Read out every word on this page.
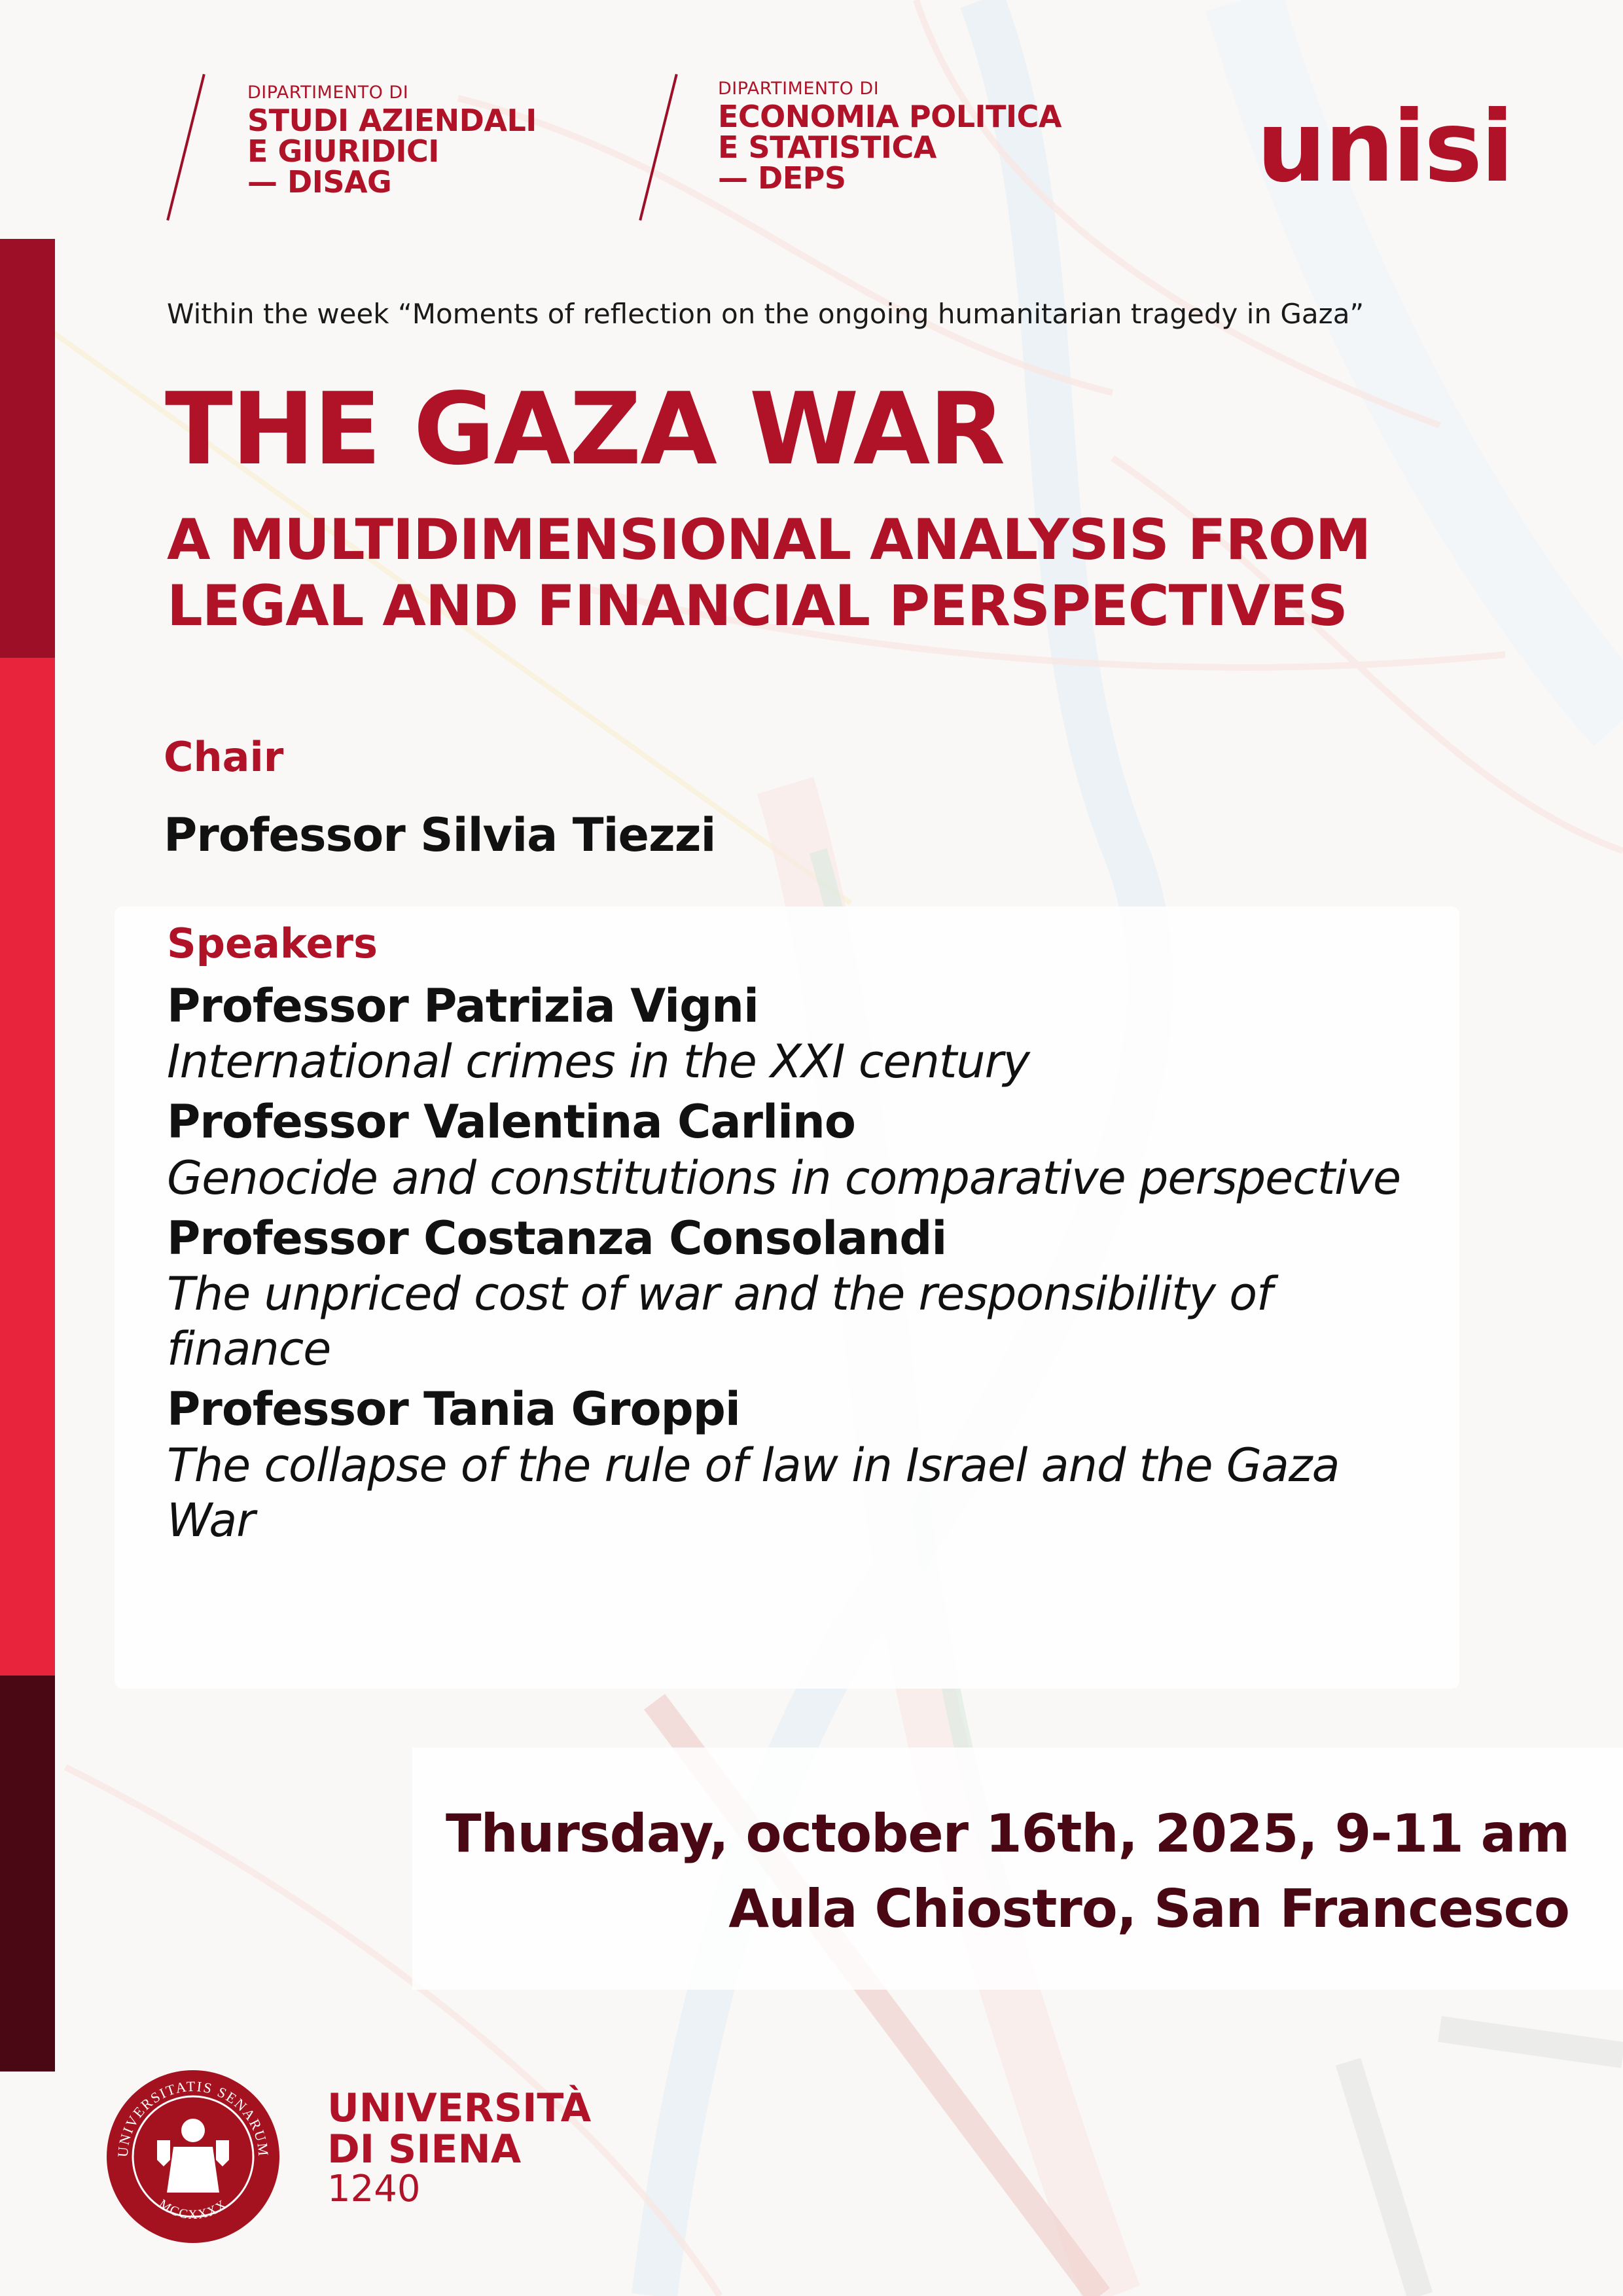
DIPARTIMENTO DI
STUDI AZIENDALI
E GIURIDICI
— DISAG
DIPARTIMENTO DI
ECONOMIA POLITICA
E STATISTICA
— DEPS	unisi
Within the week “Moments of reflection on the ongoing humanitarian tragedy in Gaza”
THE GAZA WAR
A MULTIDIMENSIONAL ANALYSIS FROM LEGAL AND FINANCIAL PERSPECTIVES
Chair
Professor Silvia Tiezzi
Speakers
Professor Patrizia Vigni
International crimes in the XXI century
Professor Valentina Carlino
Genocide and constitutions in comparative perspective
Professor Costanza Consolandi
The unpriced cost of war and the responsibility of finance
Professor Tania Groppi
The collapse of the rule of law in Israel and the Gaza War
Thursday, october 16th, 2025, 9-11 am
Aula Chiostro, San Francesco
UNIVERSITATIS SENARUM
MCCXXXX
UNIVERSITÀ
DI SIENA
1240
